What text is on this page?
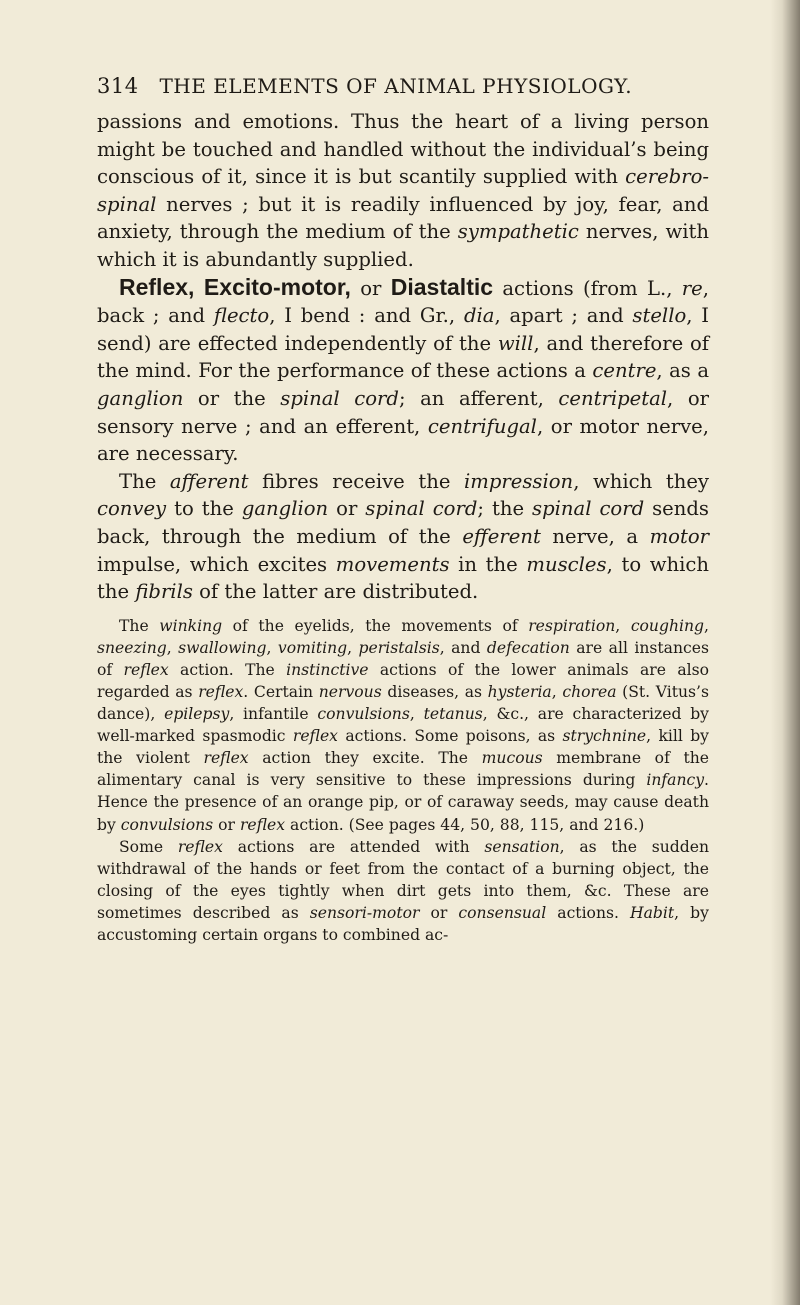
314 THE ELEMENTS OF ANIMAL PHYSIOLOGY.

passions and emotions. Thus the heart of a living person might be touched and handled without the individual’s being conscious of it, since it is but scantily supplied with cerebro-spinal nerves ; but it is readily influenced by joy, fear, and anxiety, through the medium of the sympathetic nerves, with which it is abundantly supplied.

Reflex, Excito-motor, or Diastaltic actions (from L., re, back ; and flecto, I bend : and Gr., dia, apart ; and stello, I send) are effected independently of the will, and therefore of the mind. For the performance of these actions a centre, as a ganglion or the spinal cord; an afferent, centripetal, or sensory nerve ; and an efferent, centrifugal, or motor nerve, are necessary.

The afferent fibres receive the impression, which they convey to the ganglion or spinal cord; the spinal cord sends back, through the medium of the efferent nerve, a motor impulse, which excites movements in the muscles, to which the fibrils of the latter are distributed.

The winking of the eyelids, the movements of respiration, coughing, sneezing, swallowing, vomiting, peristalsis, and defecation are all instances of reflex action. The instinctive actions of the lower animals are also regarded as reflex. Certain nervous diseases, as hysteria, chorea (St. Vitus’s dance), epilepsy, infantile convulsions, tetanus, &c., are characterized by well-marked spasmodic reflex actions. Some poisons, as strychnine, kill by the violent reflex action they excite. The mucous membrane of the alimentary canal is very sensitive to these impressions during infancy. Hence the presence of an orange pip, or of caraway seeds, may cause death by convulsions or reflex action. (See pages 44, 50, 88, 115, and 216.)

Some reflex actions are attended with sensation, as the sudden withdrawal of the hands or feet from the contact of a burning object, the closing of the eyes tightly when dirt gets into them, &c. These are sometimes described as sensori-motor or consensual actions. Habit, by accustoming certain organs to combined ac-
